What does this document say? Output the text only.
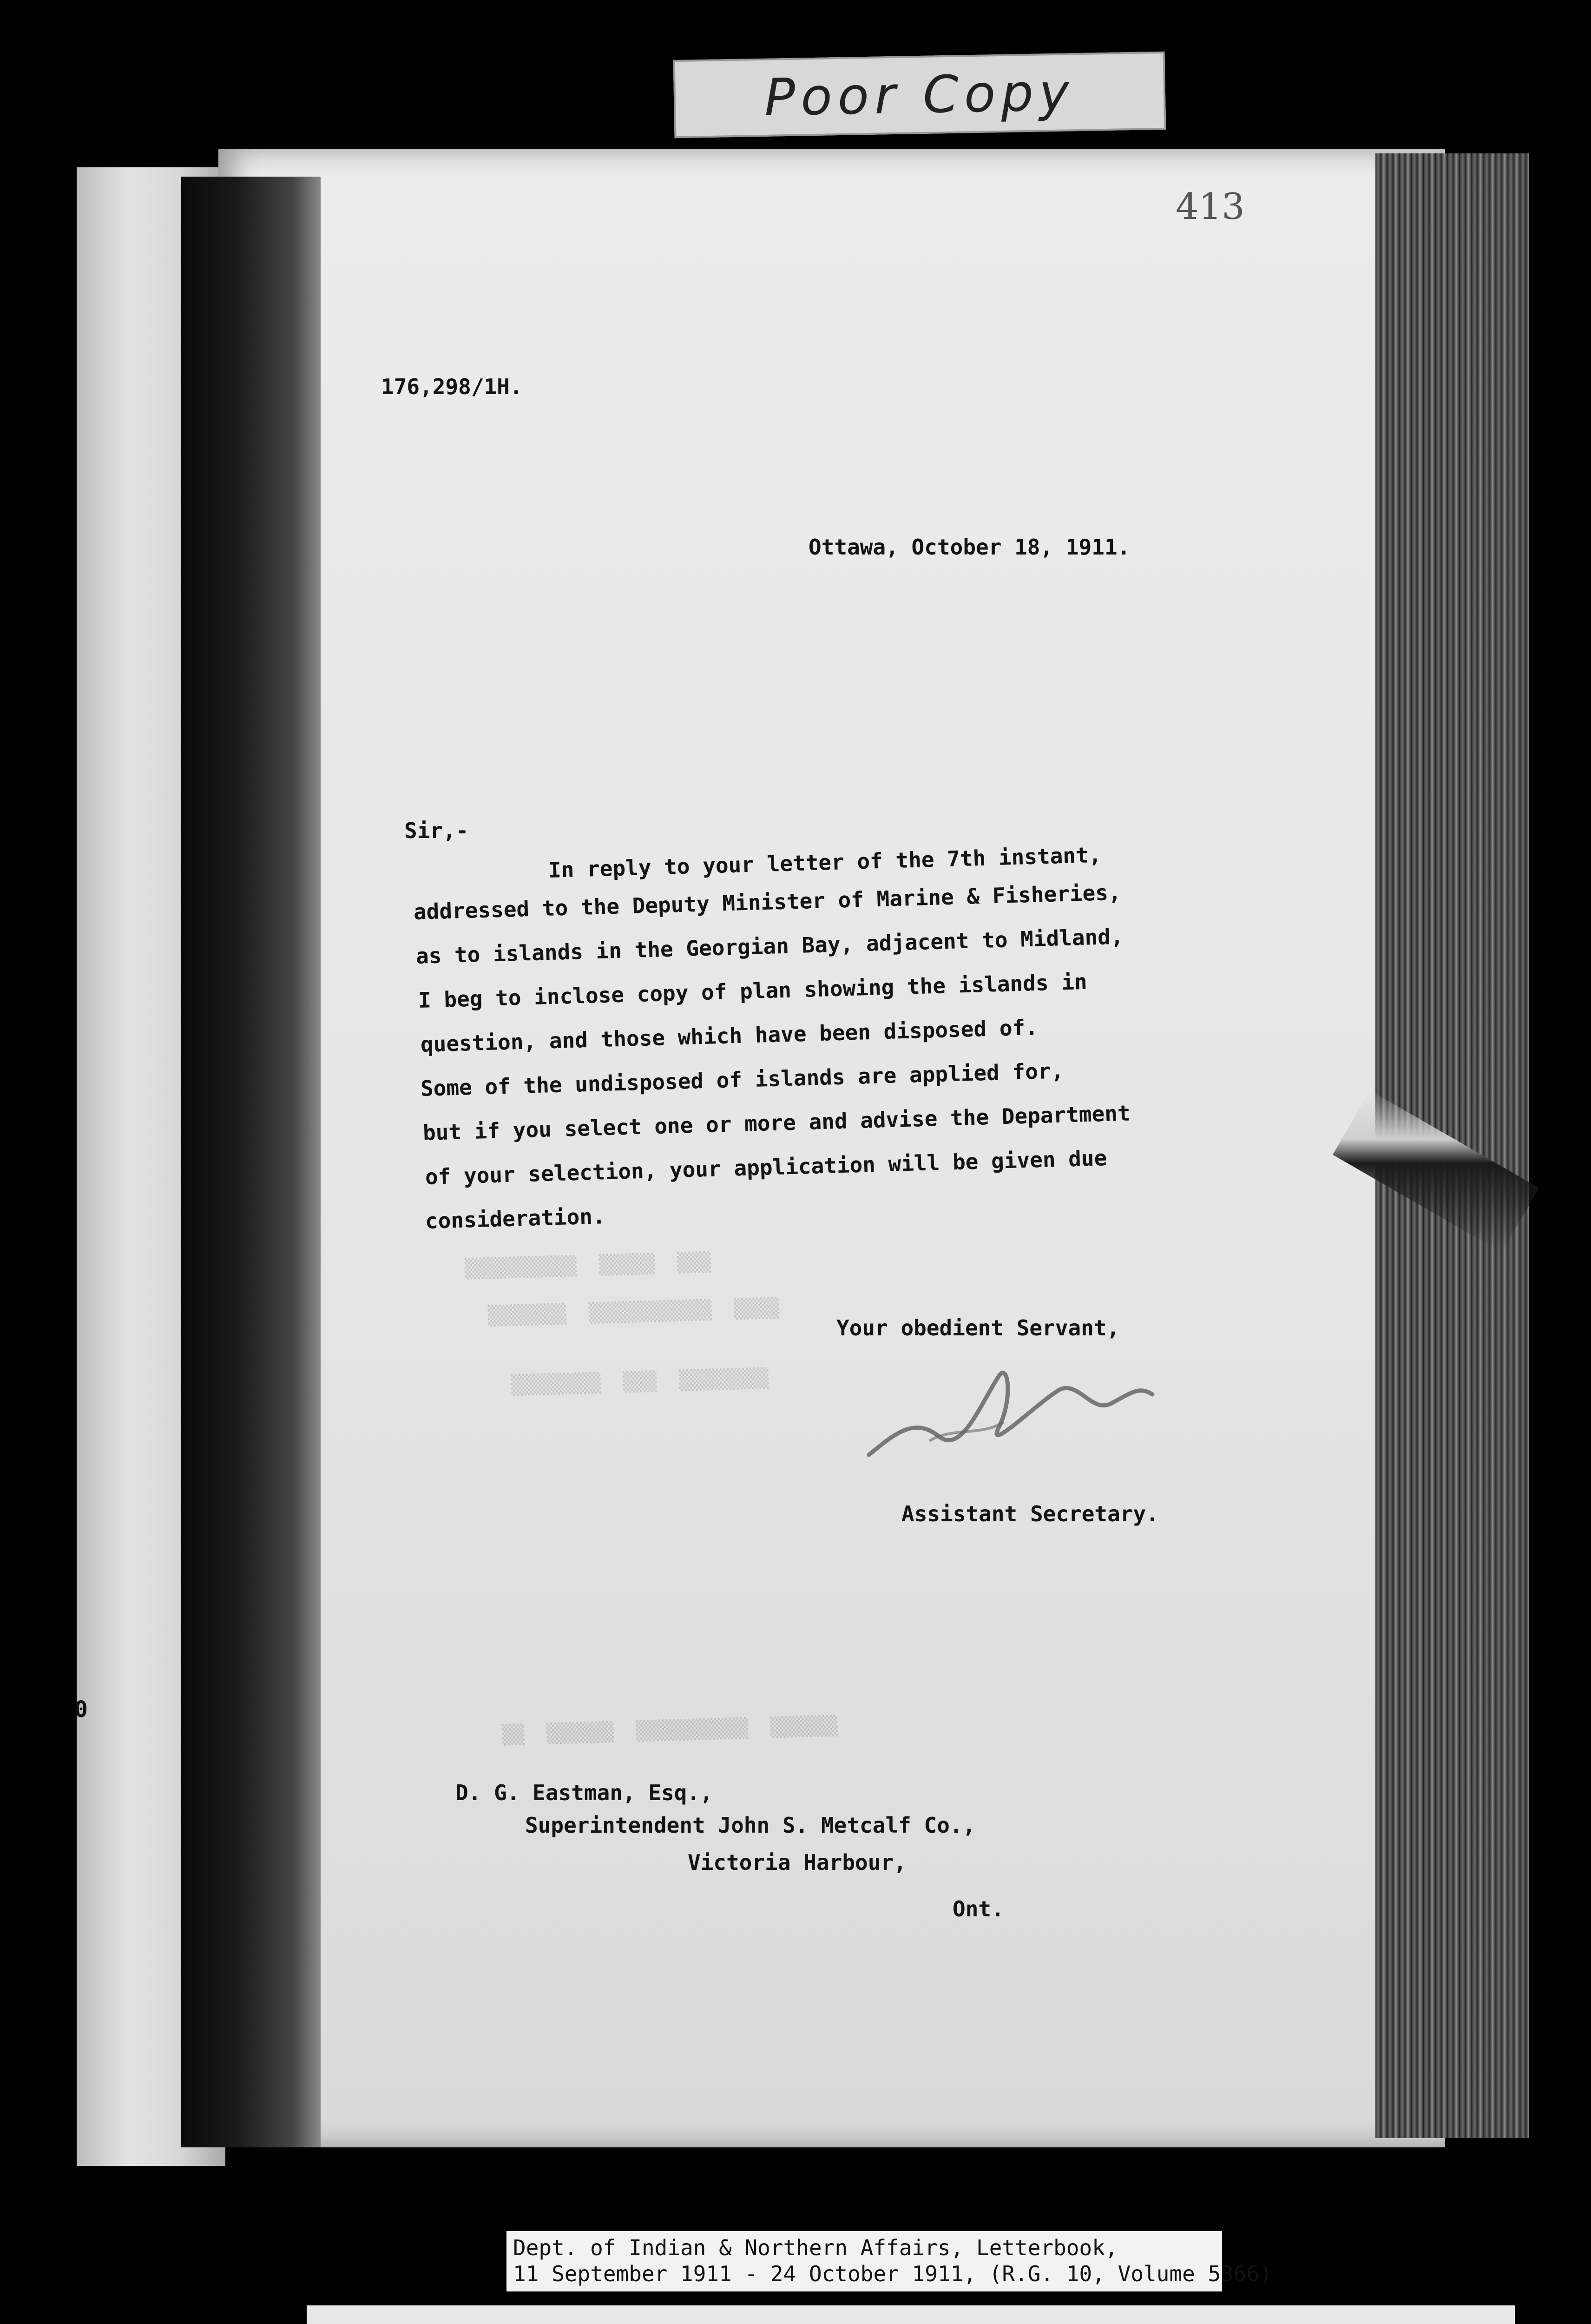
Poor Copy
0
413
▒▒▒▒▒▒▒▒▒▒  ▒▒▒▒▒  ▒▒▒
▒▒▒▒▒▒▒  ▒▒▒▒▒▒▒▒▒▒▒  ▒▒▒▒
▒▒▒▒▒▒▒▒  ▒▒▒  ▒▒▒▒▒▒▒▒
▒▒  ▒▒▒▒▒▒  ▒▒▒▒▒▒▒▒▒▒  ▒▒▒▒▒▒
176,298/1H.
Ottawa, October 18, 1911.
Sir,-
In reply to your letter of the 7th instant,
addressed to the Deputy Minister of Marine & Fisheries,
as to islands in the Georgian Bay, adjacent to Midland,
I beg to inclose copy of plan showing the islands in
question, and those which have been disposed of.
Some of the undisposed of islands are applied for,
but if you select one or more and advise the Department
of your selection, your application will be given due
consideration.
Your obedient Servant,
Assistant Secretary.
D. G. Eastman, Esq.,
Superintendent John S. Metcalf Co.,
Victoria Harbour,
Ont.
Dept. of Indian & Northern Affairs, Letterbook,
11 September 1911 - 24 October 1911, (R.G. 10, Volume 5366)
